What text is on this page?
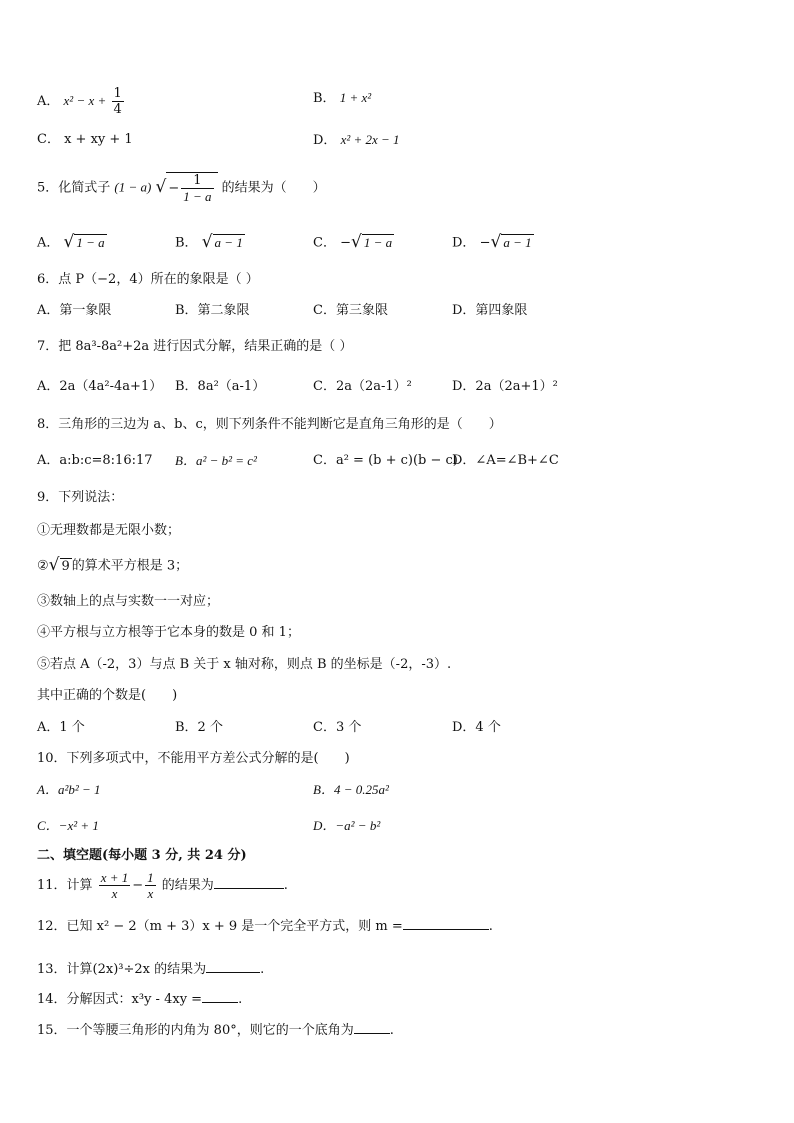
A． $x^2 - x + \frac{1}{4}$	B． 1 + x²
C． x + xy + 1	D． x² + 2x − 1
5．化简式子 (1 − a) √ − $\frac{1}{1 - a}$ 的结果为（　　）
A． √ 1 − a	B． √ a − 1	C． −√ 1 − a	D． −√ a − 1
6．点 P（−2，4）所在的象限是（ ）
A．第一象限	B．第二象限	C．第三象限	D．第四象限
7．把 8a³-8a²+2a 进行因式分解，结果正确的是（ ）
A．2a（4a²-4a+1） B．8a²（a-1）	C．2a（2a-1）²	D．2a（2a+1）²
8．三角形的三边为 a、b、c，则下列条件不能判断它是直角三角形的是（　　）
A．a:b:c=8:16:17 B．a² − b² = c²	C．a² = (b + c)(b − c)
D．∠A=∠B+∠C
9．下列说法：
①无理数都是无限小数；
②√ 9 的算术平方根是 3；
③数轴上的点与实数一一对应；
④平方根与立方根等于它本身的数是 0 和 1；
⑤若点 A（-2，3）与点 B 关于 x 轴对称，则点 B 的坐标是（-2，-3）.
其中正确的个数是(　　)
A．1 个	B．2 个	C．3 个	D．4 个
10．下列多项式中，不能用平方差公式分解的是(　　)
A．a²b² − 1	B．4 − 0.25a²
C．−x² + 1	D．−a² − b²
二、填空题(每小题 3 分, 共 24 分)
11．计算 $\frac{x + 1}{x} - \frac{1}{x}$ 的结果为	.
12．已知 x² − 2（m + 3）x + 9 是一个完全平方式，则 m =	.
13．计算(2x)³÷2x 的结果为	.
14．分解因式：x³y - 4xy =	.
15．一个等腰三角形的内角为 80°，则它的一个底角为	.
